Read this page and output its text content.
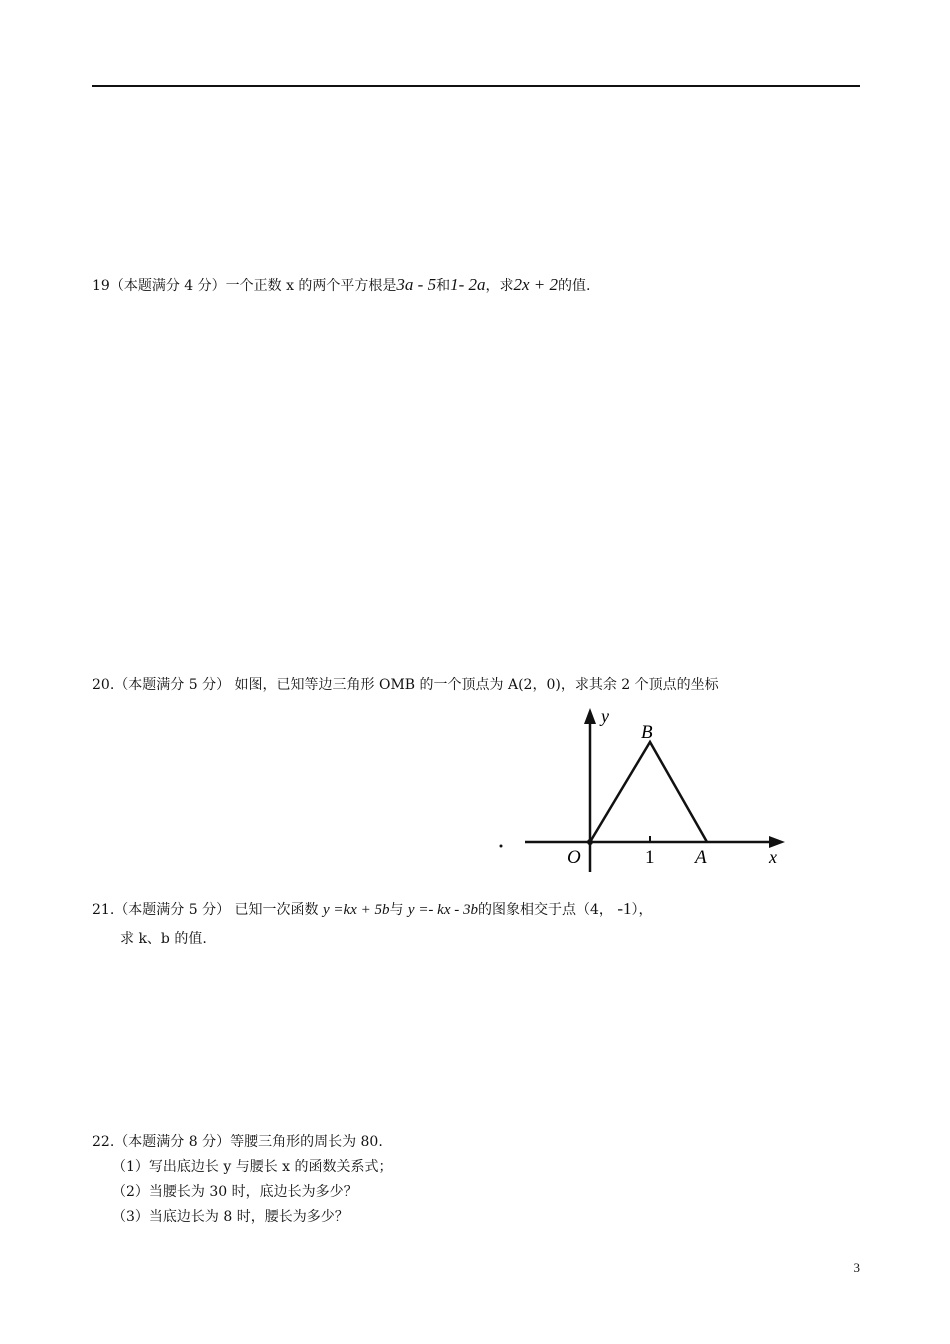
19（本题满分 4 分）一个正数 x 的两个平方根是3a - 5和1- 2a，求2x + 2的值.
20.（本题满分 5 分） 如图，已知等边三角形 OMB 的一个顶点为 A(2，0)，求其余 2 个顶点的坐标
y
x
O	1
B
A
21.（本题满分 5 分） 已知一次函数 y =kx + 5b与 y =- kx - 3b的图象相交于点（4， -1），
求 k、b 的值.
22.（本题满分 8 分）等腰三角形的周长为 80.
（1）写出底边长 y 与腰长 x 的函数关系式；
（2）当腰长为 30 时，底边长为多少？
（3）当底边长为 8 时，腰长为多少？
3
